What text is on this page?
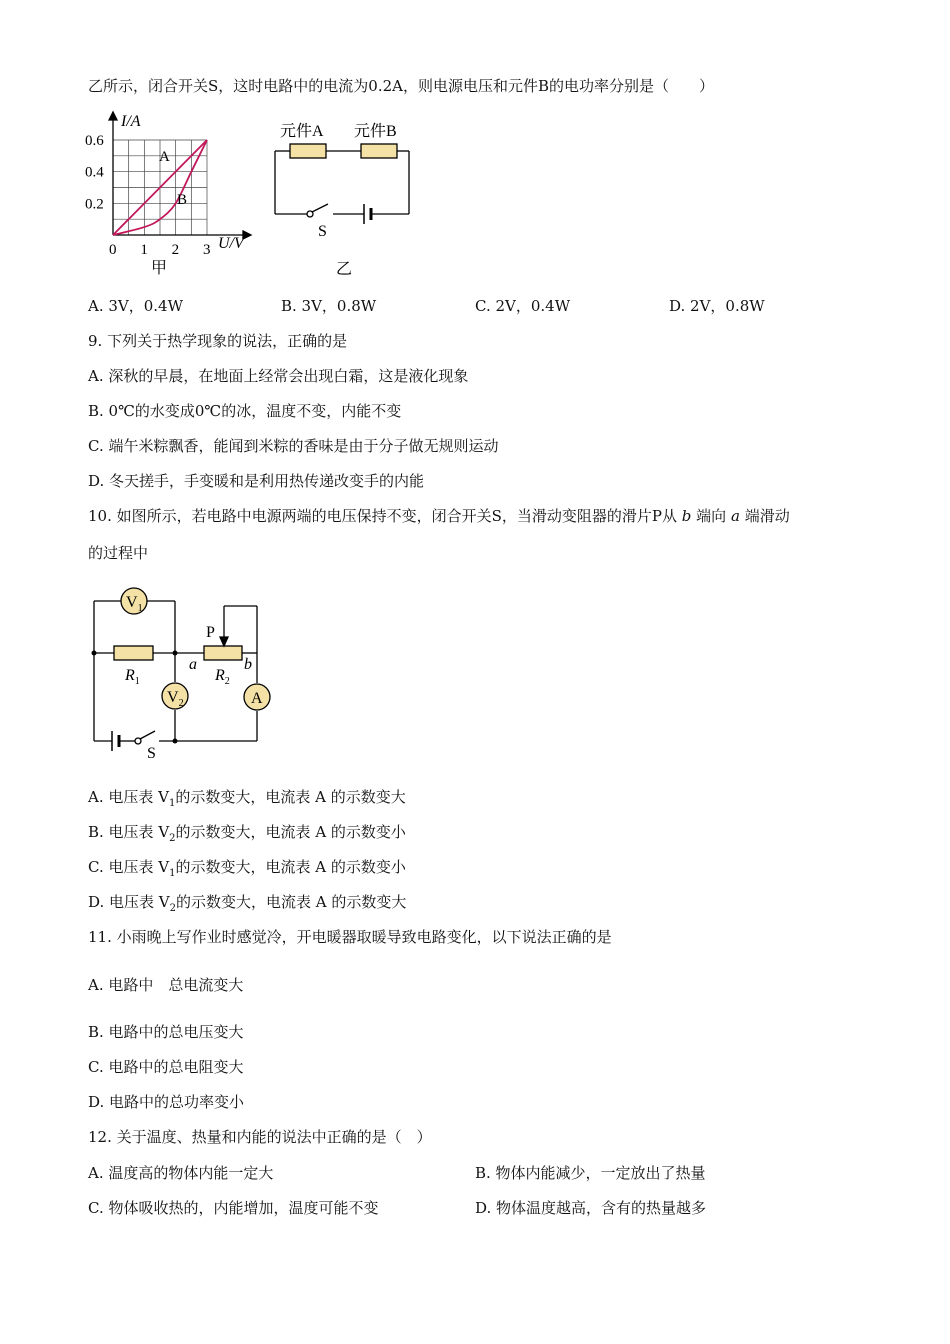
乙所示，闭合开关S，这时电路中的电流为0.2A，则电源电压和元件B的电功率分别是（　　）
I/A
U/V
0.6
0.4
0.2
0 1 2 3
A
B
甲
元件A 元件B
S
乙
A. 3V，0.4W	B. 3V，0.8W	C. 2V，0.4W	D. 2V，0.8W
9. 下列关于热学现象的说法，正确的是
A. 深秋的早晨，在地面上经常会出现白霜，这是液化现象
B. 0℃的水变成0℃的冰，温度不变，内能不变
C. 端午米粽飘香，能闻到米粽的香味是由于分子做无规则运动
D. 冬天搓手，手变暖和是利用热传递改变手的内能
10. 如图所示，若电路中电源两端的电压保持不变，闭合开关S，当滑动变阻器的滑片P从 b 端向 a 端滑动
的过程中
$V_1$
$V_2$	A
$R_1$	$R_2$
P
a	b
S
A. 电压表 $V_1$的示数变大，电流表 A 的示数变大
B. 电压表 $V_2$的示数变大，电流表 A 的示数变小
C. 电压表 $V_1$的示数变大，电流表 A 的示数变小
D. 电压表 $V_2$的示数变大，电流表 A 的示数变大
11. 小雨晚上写作业时感觉冷，开电暖器取暖导致电路变化，以下说法正确的是
A. 电路中　总电流变大
B. 电路中的总电压变大
C. 电路中的总电阻变大
D. 电路中的总功率变小
12. 关于温度、热量和内能的说法中正确的是（　）
A. 温度高的物体内能一定大	B. 物体内能减少，一定放出了热量
C. 物体吸收热的，内能增加，温度可能不变	D. 物体温度越高，含有的热量越多
